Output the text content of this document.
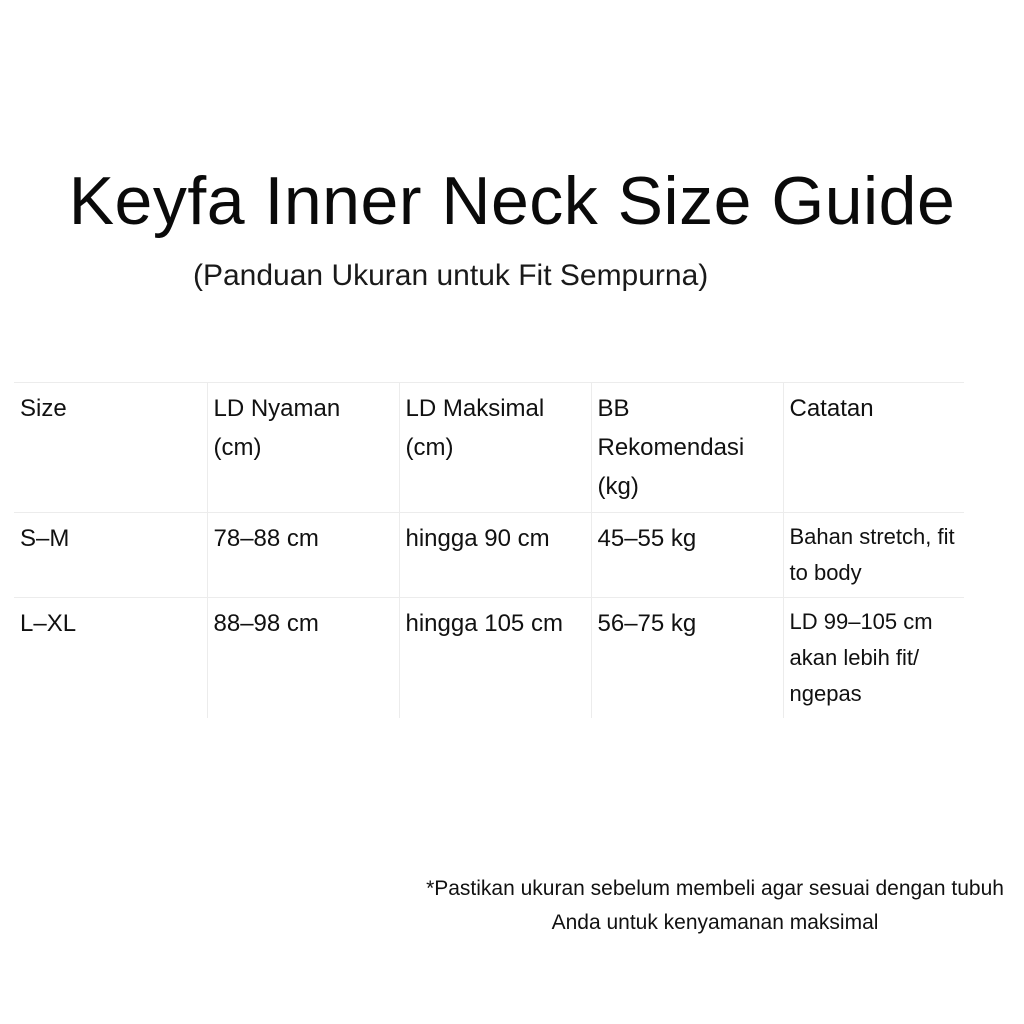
Keyfa Inner Neck Size Guide
(Panduan Ukuran untuk Fit Sempurna)
Size	LD Nyaman (cm)	LD Maksimal (cm)	BB Rekomendasi (kg)	Catatan
S–M	78–88 cm	hingga 90 cm	45–55 kg	Bahan stretch, fit to body
L–XL	88–98 cm	hingga 105 cm	56–75 kg	LD 99–105 cm akan lebih fit/ ngepas
*Pastikan ukuran sebelum membeli agar sesuai dengan tubuh Anda untuk kenyamanan maksimal
